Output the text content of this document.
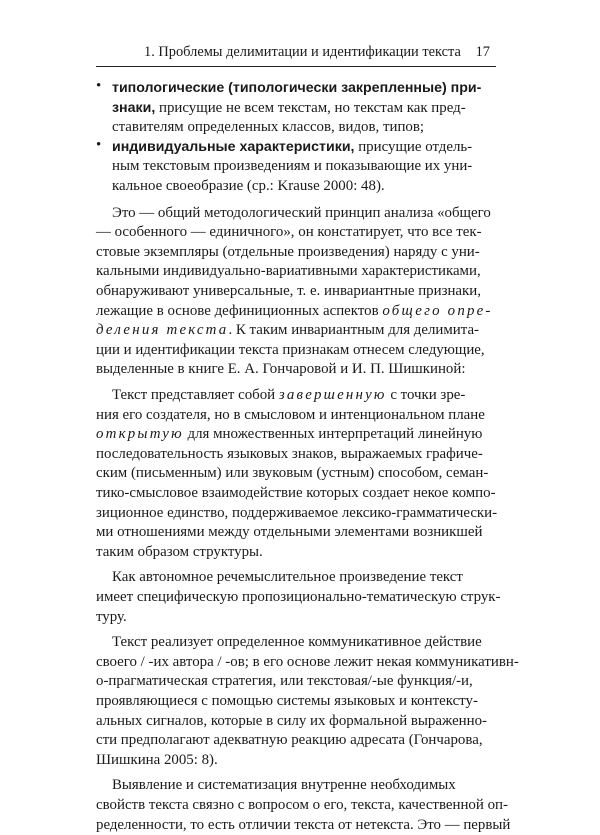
1. Проблемы делимитации и идентификации текста 17
• типологические (типологически закрепленные) при-
знаки, присущие не всем текстам, но текстам как пред-
ставителям определенных классов, видов, типов;
• индивидуальные характеристики, присущие отдель-
ным текстовым произведениям и показывающие их уни-
кальное своеобразие (ср.: Krause 2000: 48).
Это — общий методологический принцип анализа «общего
— особенного — единичного», он констатирует, что все тек-
стовые экземпляры (отдельные произведения) наряду с уни-
кальными индивидуально-вариативными характеристиками,
обнаруживают универсальные, т. е. инвариантные признаки,
лежащие в основе дефиниционных аспектов общего опре-
деления текста. К таким инвариантным для делимита-
ции и идентификации текста признакам отнесем следующие,
выделенные в книге Е. А. Гончаровой и И. П. Шишкиной:
Текст представляет собой завершенную с точки зре-
ния его создателя, но в смысловом и интенциональном плане
открытую для множественных интерпретаций линейную
последовательность языковых знаков, выражаемых графиче-
ским (письменным) или звуковым (устным) способом, семан-
тико-смысловое взаимодействие которых создает некое компо-
зиционное единство, поддерживаемое лексико-грамматически-
ми отношениями между отдельными элементами возникшей
таким образом структуры.
Как автономное речемыслительное произведение текст
имеет специфическую пропозиционально-тематическую струк-
туру.
Текст реализует определенное коммуникативное действие
своего / -их автора / -ов; в его основе лежит некая коммуникативн-
о-прагматическая стратегия, или текстовая/-ые функция/-и,
проявляющиеся с помощью системы языковых и контексту-
альных сигналов, которые в силу их формальной выраженно-
сти предполагают адекватную реакцию адресата (Гончарова,
Шишкина 2005: 8).
Выявление и систематизация внутренне необходимых
свойств текста связно с вопросом о его, текста, качественной оп-
ределенности, то есть отличии текста от нетекста. Это — первый
